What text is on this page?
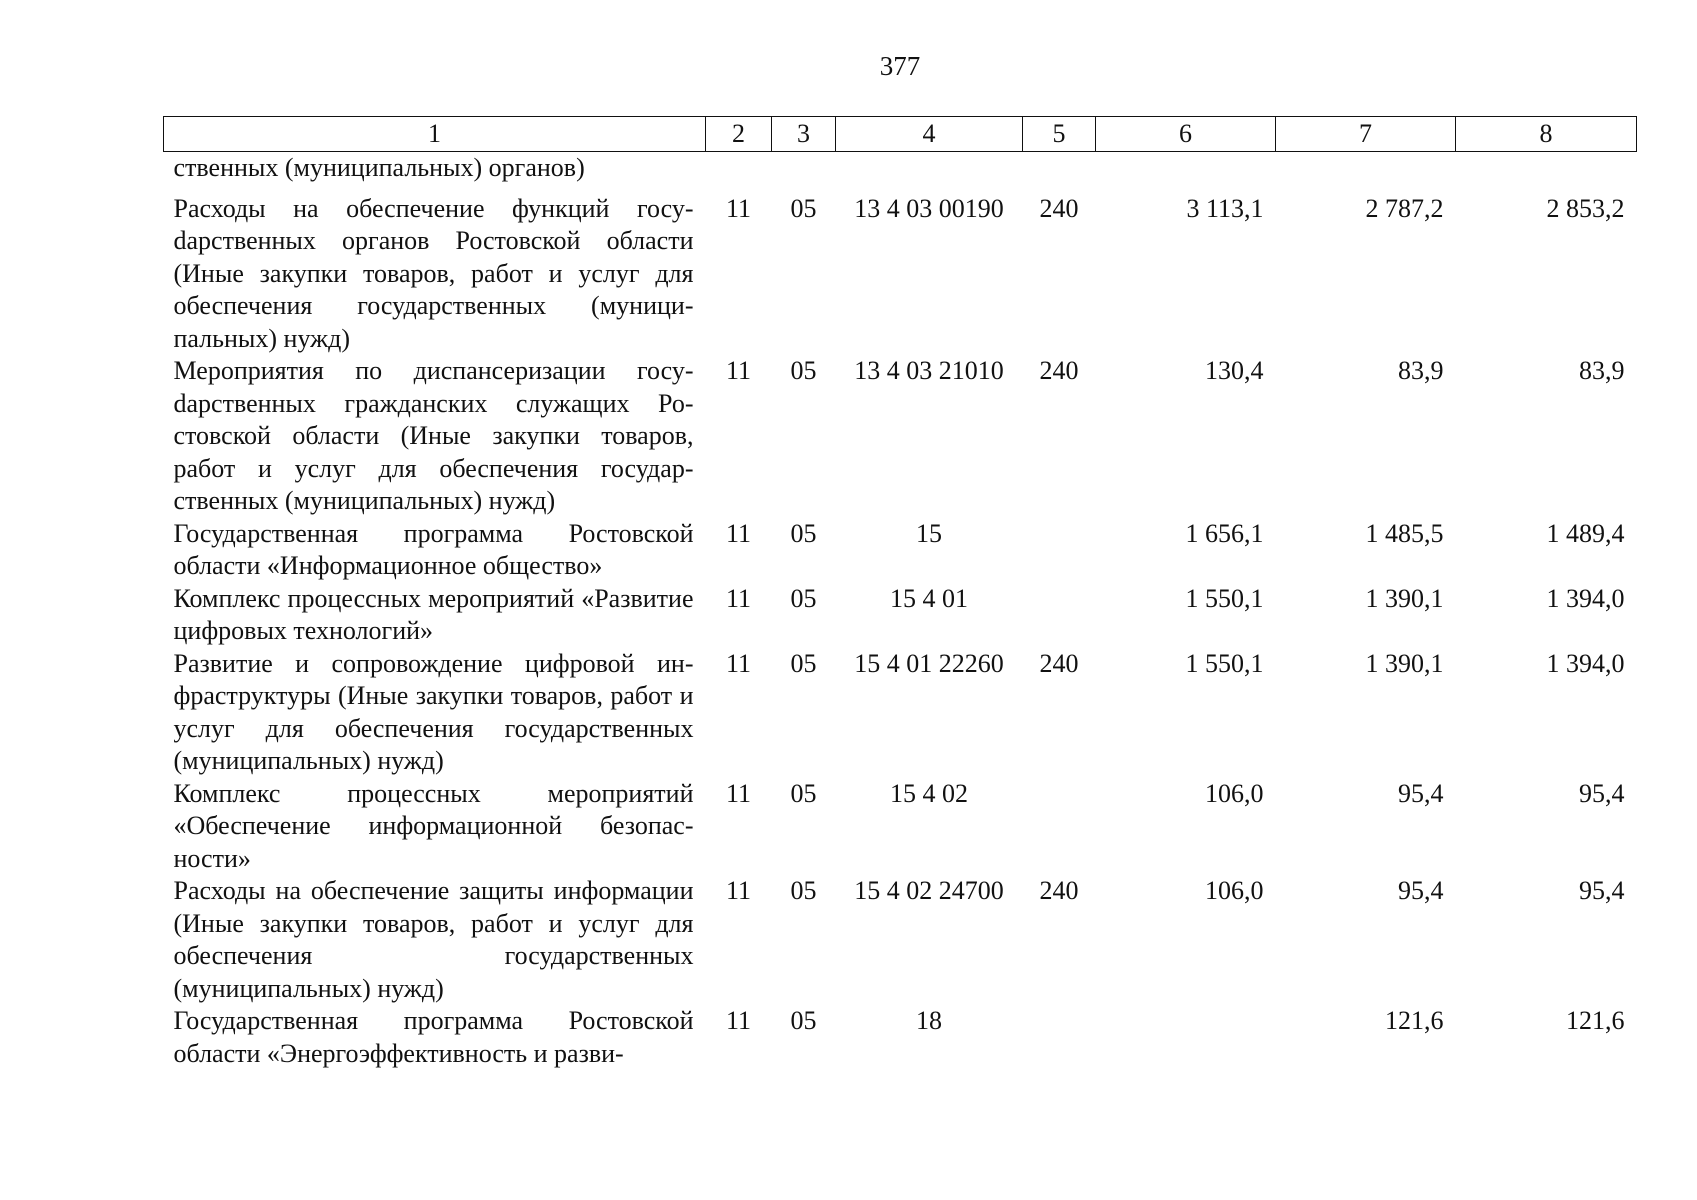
377
1	2	3	4	5	6	7	8
ственных (муниципальных) органов)							
Расходы на обеспечение функций госуdарственных органов Ростовской области (Иные закупки товаров, работ и услуг для обеспечения государственных (муниципальных) нужд)	11	05	13 4 03 00190	240	3 113,1	2 787,2	2 853,2
Мероприятия по диспансеризации госуdарственных гражданских служащих Ростовской области (Иные закупки товаров, работ и услуг для обеспечения государственных (муниципальных) нужд)	11	05	13 4 03 21010	240	130,4	83,9	83,9
Государственная программа Ростовской области «Информационное общество»	11	05	15		1 656,1	1 485,5	1 489,4
Комплекс процессных мероприятий «Развитие цифровых технологий»	11	05	15 4 01		1 550,1	1 390,1	1 394,0
Развитие и сопровождение цифровой инфраструктуры (Иные закупки товаров, работ и услуг для обеспечения государственных (муниципальных) нужд)	11	05	15 4 01 22260	240	1 550,1	1 390,1	1 394,0
Комплекс процессных мероприятий «Обеспечение информационной безопасности»	11	05	15 4 02		106,0	95,4	95,4
Расходы на обеспечение защиты информации (Иные закупки товаров, работ и услуг для обеспечения государственных (муниципальных) нужд)	11	05	15 4 02 24700	240	106,0	95,4	95,4
Государственная программа Ростовской области «Энергоэффективность и разви-	11	05	18			121,6	121,6
